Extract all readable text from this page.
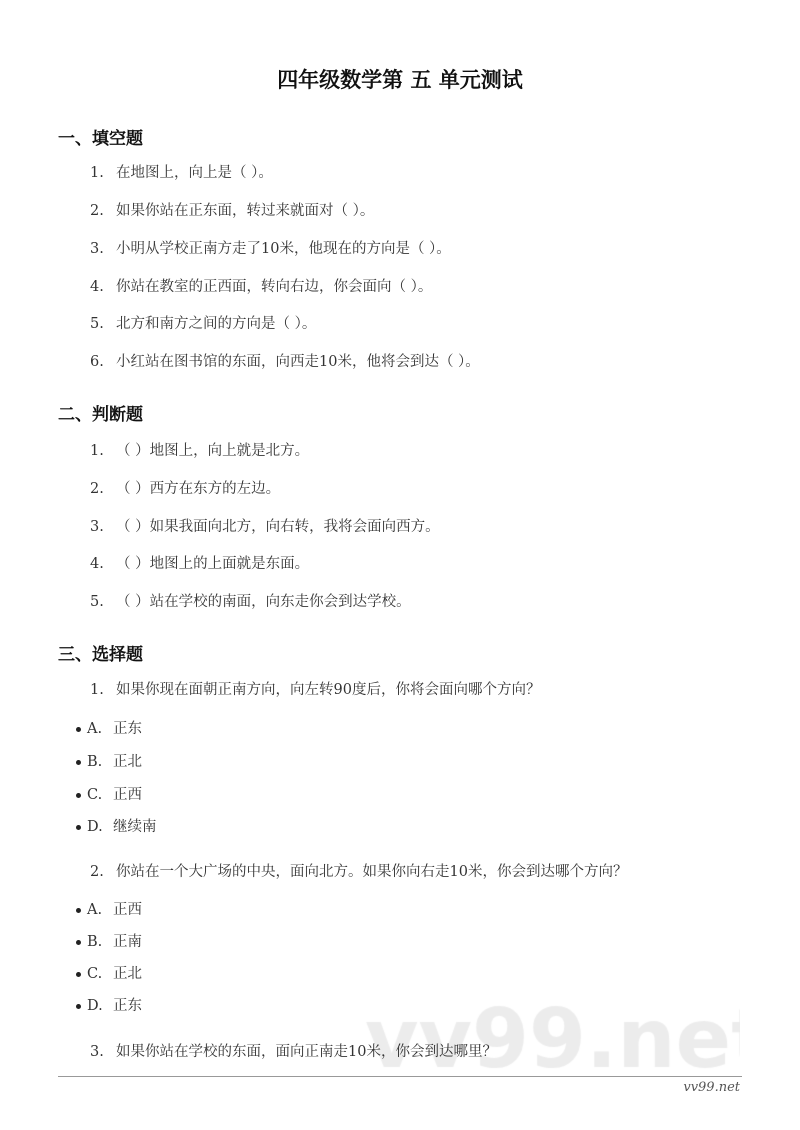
四年级数学第 五 单元测试
一、填空题
1. 在地图上，向上是（ ）。
2. 如果你站在正东面，转过来就面对（ ）。
3. 小明从学校正南方走了10米，他现在的方向是（ ）。
4. 你站在教室的正西面，转向右边，你会面向（ ）。
5. 北方和南方之间的方向是（ ）。
6. 小红站在图书馆的东面，向西走10米，他将会到达（ ）。
二、判断题
1. （ ）地图上，向上就是北方。
2. （ ）西方在东方的左边。
3. （ ）如果我面向北方，向右转，我将会面向西方。
4. （ ）地图上的上面就是东面。
5. （ ）站在学校的南面，向东走你会到达学校。
三、选择题
1. 如果你现在面朝正南方向，向左转90度后，你将会面向哪个方向？
A. 正东
B. 正北
C. 正西
D. 继续南
2. 你站在一个大广场的中央，面向北方。如果你向右走10米，你会到达哪个方向？
A. 正西
B. 正南
C. 正北
D. 正东
3. 如果你站在学校的东面，面向正南走10米，你会到达哪里？
vv99.net
